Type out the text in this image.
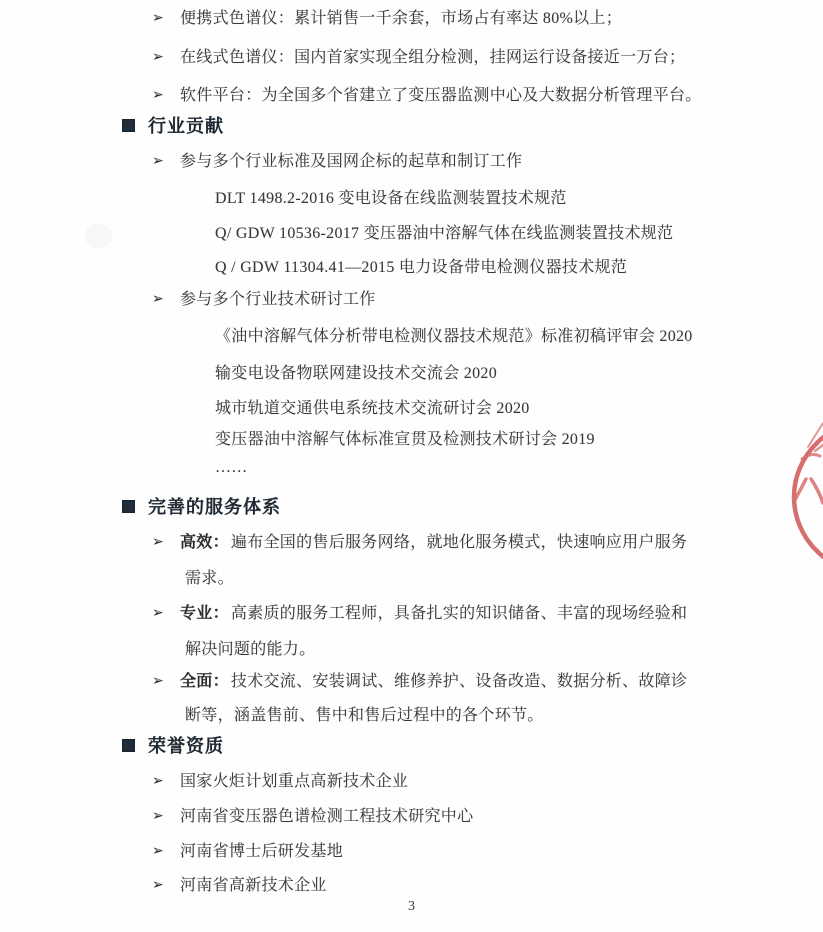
➢ 便携式色谱仪：累计销售一千余套，市场占有率达 80%以上；
➢ 在线式色谱仪：国内首家实现全组分检测，挂网运行设备接近一万台；
➢ 软件平台：为全国多个省建立了变压器监测中心及大数据分析管理平台。
行业贡献
➢ 参与多个行业标准及国网企标的起草和制订工作
DLT 1498.2-2016 变电设备在线监测装置技术规范
Q/ GDW 10536-2017 变压器油中溶解气体在线监测装置技术规范
Q / GDW 11304.41—2015 电力设备带电检测仪器技术规范
➢ 参与多个行业技术研讨工作
《油中溶解气体分析带电检测仪器技术规范》标准初稿评审会 2020
输变电设备物联网建设技术交流会 2020
城市轨道交通供电系统技术交流研讨会 2020
变压器油中溶解气体标准宣贯及检测技术研讨会 2019
……
完善的服务体系
➢ 高效： 遍布全国的售后服务网络，就地化服务模式，快速响应用户服务
需求。
➢ 专业： 高素质的服务工程师，具备扎实的知识储备、丰富的现场经验和
解决问题的能力。
➢ 全面： 技术交流、安装调试、维修养护、设备改造、数据分析、故障诊
断等，涵盖售前、售中和售后过程中的各个环节。
荣誉资质
➢ 国家火炬计划重点高新技术企业
➢ 河南省变压器色谱检测工程技术研究中心
➢ 河南省博士后研发基地
➢ 河南省高新技术企业
3
